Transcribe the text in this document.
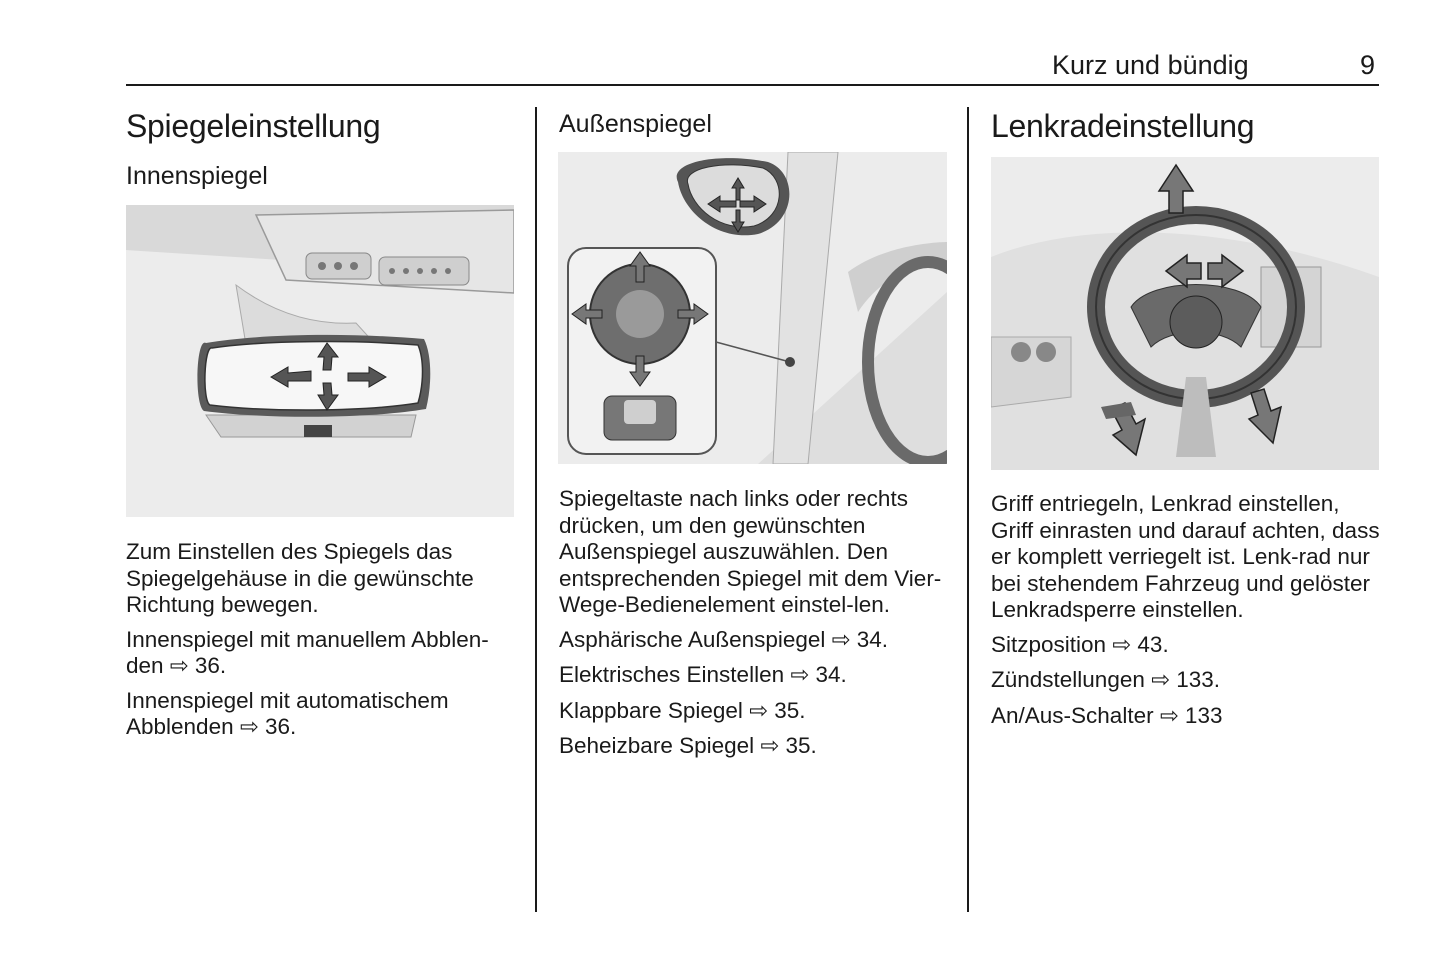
Kurz und bündig	9
Spiegeleinstellung
Innenspiegel

Zum Einstellen des Spiegels das Spiegelgehäuse in die gewünschte Richtung bewegen.

Innenspiegel mit manuellem Abblen-den ⇨ 36.

Innenspiegel mit automatischem Abblenden ⇨ 36.

Außenspiegel

Spiegeltaste nach links oder rechts drücken, um den gewünschten Außenspiegel auszuwählen. Den entsprechenden Spiegel mit dem Vier-Wege-Bedienelement einstel-len.

Asphärische Außenspiegel ⇨ 34.

Elektrisches Einstellen ⇨ 34.

Klappbare Spiegel ⇨ 35.

Beheizbare Spiegel ⇨ 35.

Lenkradeinstellung

Griff entriegeln, Lenkrad einstellen, Griff einrasten und darauf achten, dass er komplett verriegelt ist. Lenk-rad nur bei stehendem Fahrzeug und gelöster Lenkradsperre einstellen.

Sitzposition ⇨ 43.

Zündstellungen ⇨ 133.

An/Aus-Schalter ⇨ 133
